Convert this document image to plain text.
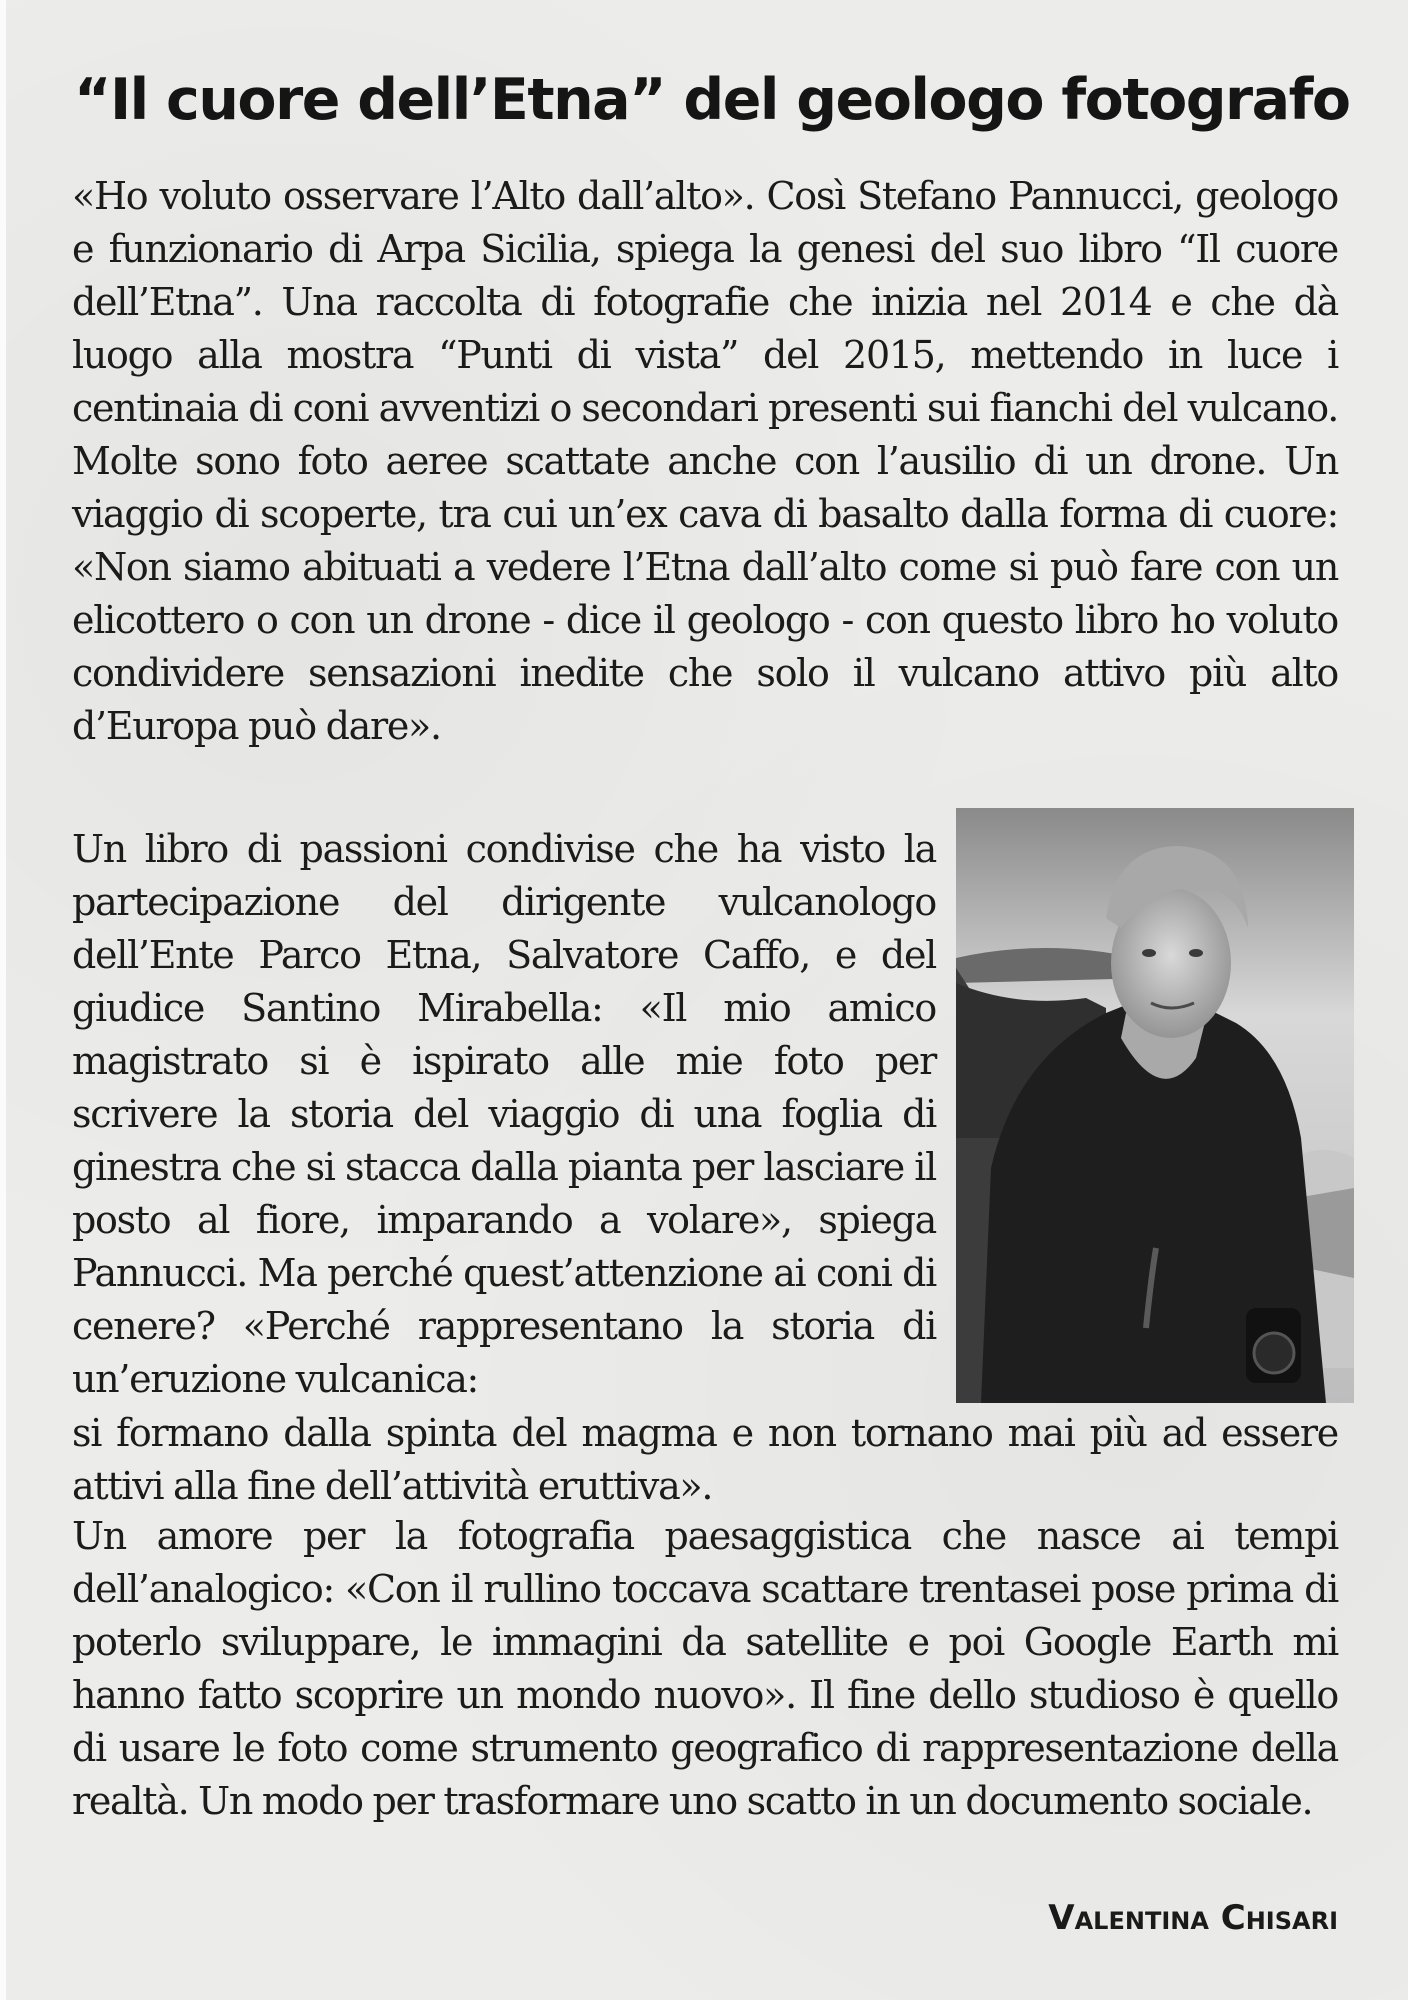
“Il cuore dell’Etna” del geologo fotografo

«Ho voluto osservare l’Alto dall’alto». Così Stefano Pannucci, geologo e funzionario di Arpa Sicilia, spiega la genesi del suo libro “Il cuore dell’Etna”. Una raccolta di fotografie che inizia nel 2014 e che dà luogo alla mostra “Punti di vista” del 2015, mettendo in luce i centinaia di coni avventizi o secondari presenti sui fianchi del vulcano. Molte sono foto aeree scattate anche con l’ausilio di un drone. Un viaggio di scoperte, tra cui un’ex cava di basalto dalla forma di cuore: «Non siamo abituati a vedere l’Etna dall’alto come si può fare con un elicottero o con un drone - dice il geologo - con questo libro ho voluto condividere sensazioni inedite che solo il vulcano attivo più alto d’Europa può dare».

Un libro di passioni condivise che ha visto la partecipazione del dirigente vulcanologo dell’Ente Parco Etna, Salvatore Caffo, e del giudice Santino Mirabella: «Il mio amico magistrato si è ispirato alle mie foto per scrivere la storia del viaggio di una foglia di ginestra che si stacca dalla pianta per lasciare il posto al fiore, imparando a volare», spiega Pannucci. Ma perché quest’attenzione ai coni di cenere? «Perché rappresentano la storia di un’eruzione vulcanica:

si formano dalla spinta del magma e non tornano mai più ad essere attivi alla fine dell’attività eruttiva».

Un amore per la fotografia paesaggistica che nasce ai tempi dell’analogico: «Con il rullino toccava scattare trentasei pose prima di poterlo sviluppare, le immagini da satellite e poi Google Earth mi hanno fatto scoprire un mondo nuovo». Il fine dello studioso è quello di usare le foto come strumento geografico di rappresentazione della realtà. Un modo per trasformare uno scatto in un documento sociale.

Valentina Chisari
